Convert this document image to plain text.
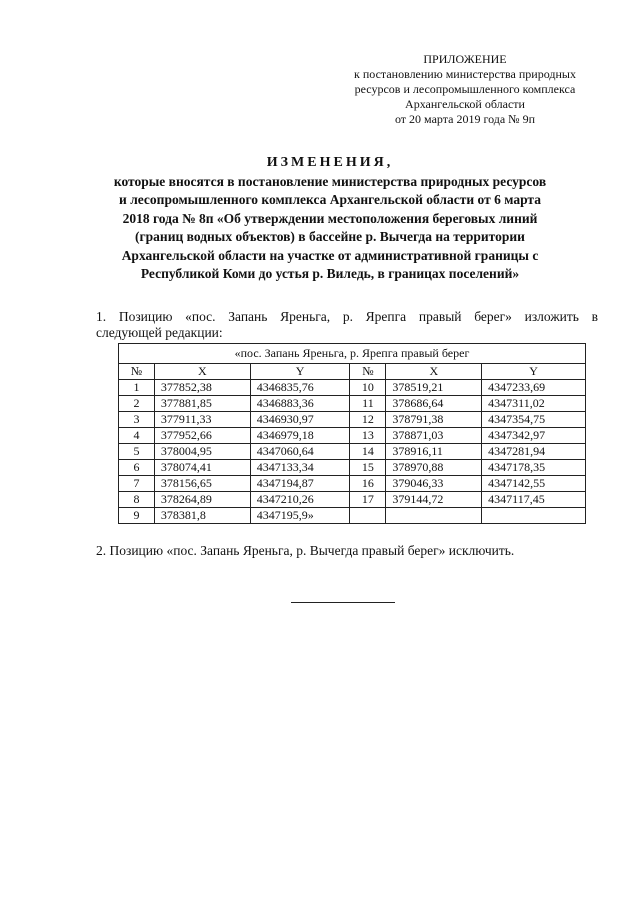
ПРИЛОЖЕНИЕ
к постановлению министерства природных
ресурсов и лесопромышленного комплекса
Архангельской области
от 20 марта 2019 года № 9п
ИЗМЕНЕНИЯ,
которые вносятся в постановление министерства природных ресурсов
и лесопромышленного комплекса Архангельской области от 6 марта
2018 года № 8п «Об утверждении местоположения береговых линий
(границ водных объектов) в бассейне р. Вычегда на территории
Архангельской области на участке от административной границы с
Республикой Коми до устья р. Виледь, в границах поселений»
1. Позицию «пос. Запань Яреньга, р. Ярепга правый берег» изложить в
следующей редакции:
«пос. Запань Яреньга, р. Ярепга правый берег					
№	X	Y	№	X	Y
1	377852,38	4346835,76	10	378519,21	4347233,69
2	377881,85	4346883,36	11	378686,64	4347311,02
3	377911,33	4346930,97	12	378791,38	4347354,75
4	377952,66	4346979,18	13	378871,03	4347342,97
5	378004,95	4347060,64	14	378916,11	4347281,94
6	378074,41	4347133,34	15	378970,88	4347178,35
7	378156,65	4347194,87	16	379046,33	4347142,55
8	378264,89	4347210,26	17	379144,72	4347117,45
9	378381,8	4347195,9»			
2. Позицию «пос. Запань Яреньга, р. Вычегда правый берег» исключить.
